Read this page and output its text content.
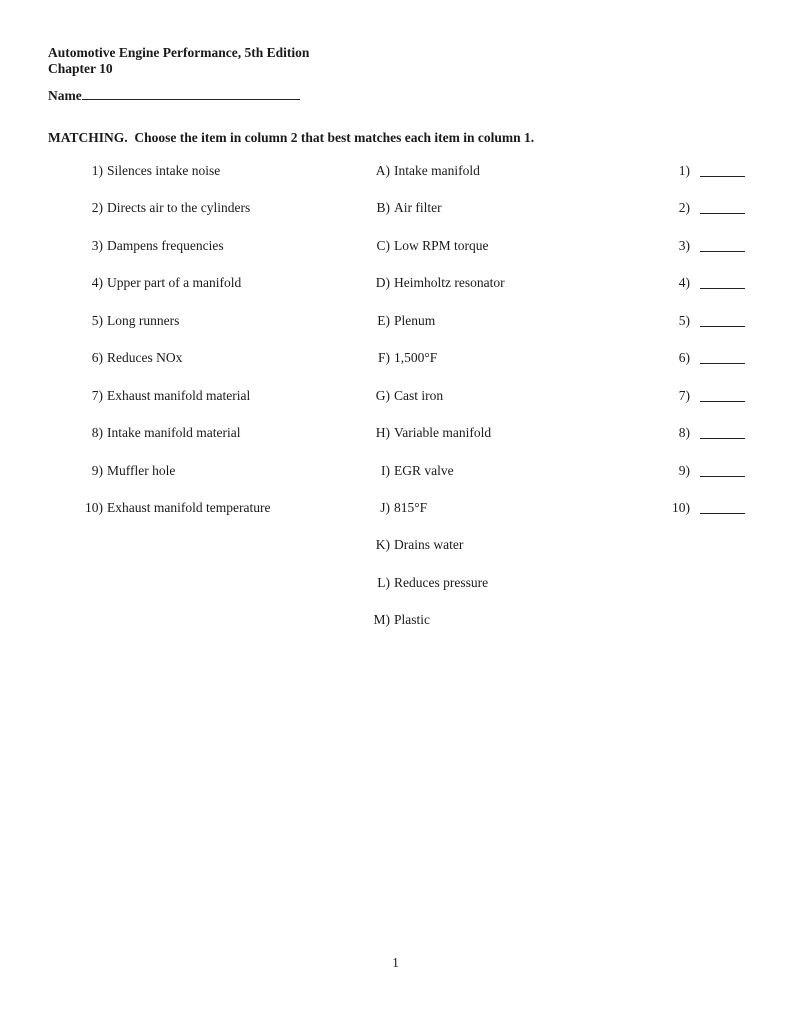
Automotive Engine Performance, 5th Edition
Chapter 10
Name
MATCHING.  Choose the item in column 2 that best matches each item in column 1.
1) Silences intake noise
2) Directs air to the cylinders
3) Dampens frequencies
4) Upper part of a manifold
5) Long runners
6) Reduces NOx
7) Exhaust manifold material
8) Intake manifold material
9) Muffler hole
10) Exhaust manifold temperature
A) Intake manifold
B) Air filter
C) Low RPM torque
D) Heimholtz resonator
E) Plenum
F) 1,500°F
G) Cast iron
H) Variable manifold
I) EGR valve
J) 815°F
K) Drains water
L) Reduces pressure
M) Plastic
1)
2)
3)
4)
5)
6)
7)
8)
9)
10)
1
